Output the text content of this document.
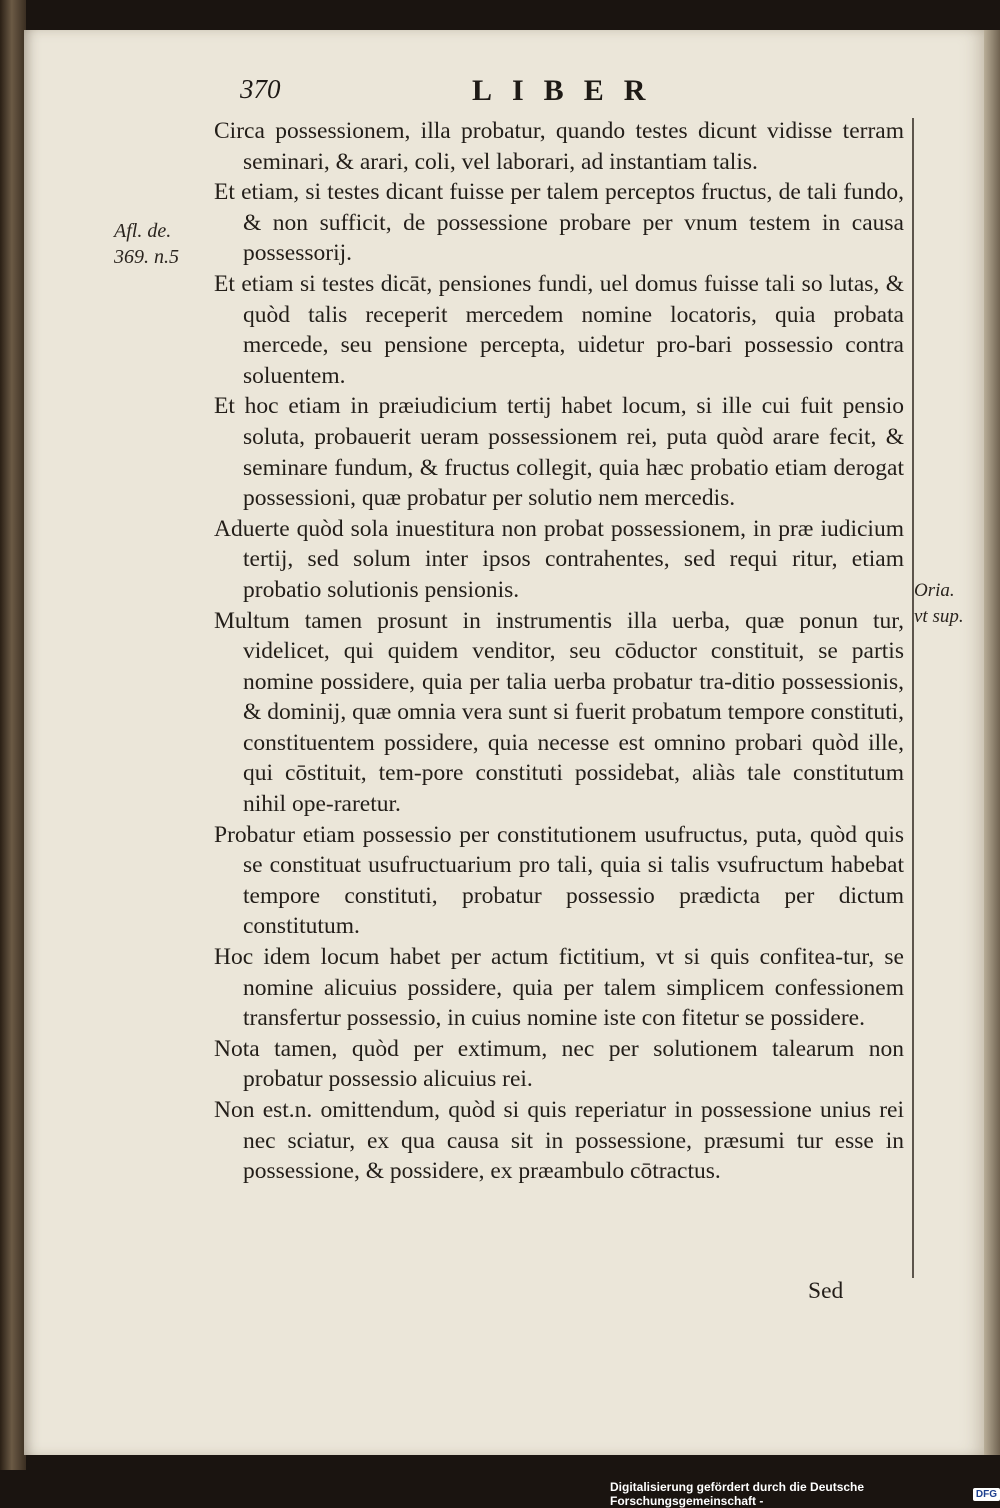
370	LIBER
Afl. de.
369. n.5
Oria.
vt sup.

Circa possessionem, illa probatur, quando testes dicunt vidisse terram seminari, & arari, coli, vel laborari, ad instantiam talis.

Et etiam, si testes dicant fuisse per talem perceptos fructus, de tali fundo, & non sufficit, de possessione probare per vnum testem in causa possessorij.

Et etiam si testes dicāt, pensiones fundi, uel domus fuisse tali so lutas, & quòd talis receperit mercedem nomine locatoris, quia probata mercede, seu pensione percepta, uidetur pro-bari possessio contra soluentem.

Et hoc etiam in præiudicium tertij habet locum, si ille cui fuit pensio soluta, probauerit ueram possessionem rei, puta quòd arare fecit, & seminare fundum, & fructus collegit, quia hæc probatio etiam derogat possessioni, quæ probatur per solutio nem mercedis.

Aduerte quòd sola inuestitura non probat possessionem, in præ iudicium tertij, sed solum inter ipsos contrahentes, sed requi ritur, etiam probatio solutionis pensionis.

Multum tamen prosunt in instrumentis illa uerba, quæ ponun tur, videlicet, qui quidem venditor, seu cōductor constituit, se partis nomine possidere, quia per talia uerba probatur tra-ditio possessionis, & dominij, quæ omnia vera sunt si fuerit probatum tempore constituti, constituentem possidere, quia necesse est omnino probari quòd ille, qui cōstituit, tem-pore constituti possidebat, aliàs tale constitutum nihil ope-raretur.

Probatur etiam possessio per constitutionem usufructus, puta, quòd quis se constituat usufructuarium pro tali, quia si talis vsufructum habebat tempore constituti, probatur possessio prædicta per dictum constitutum.

Hoc idem locum habet per actum fictitium, vt si quis confitea-tur, se nomine alicuius possidere, quia per talem simplicem confessionem transfertur possessio, in cuius nomine iste con fitetur se possidere.

Nota tamen, quòd per extimum, nec per solutionem talearum non probatur possessio alicuius rei.

Non est.n. omittendum, quòd si quis reperiatur in possessione unius rei nec sciatur, ex qua causa sit in possessione, præsumi tur esse in possessione, & possidere, ex præambulo cōtractus.

Sed
Digitalisierung gefördert durch die Deutsche Forschungsgemeinschaft -	DFG
